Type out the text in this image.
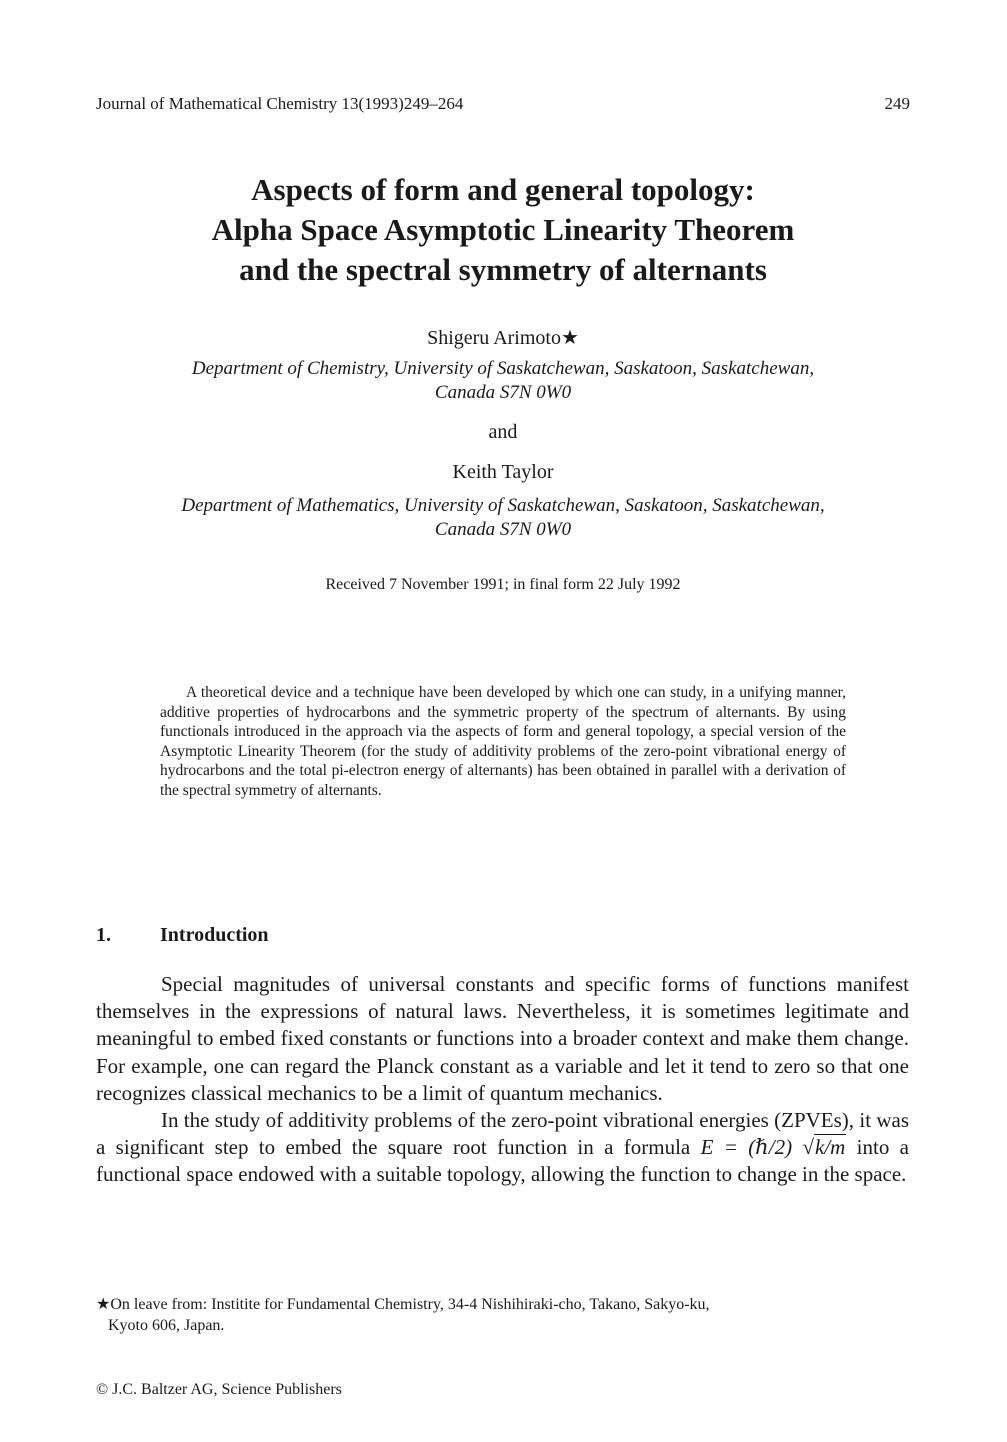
Journal of Mathematical Chemistry 13(1993)249–264	249
Aspects of form and general topology:
Alpha Space Asymptotic Linearity Theorem
and the spectral symmetry of alternants
Shigeru Arimoto★
Department of Chemistry, University of Saskatchewan, Saskatoon, Saskatchewan,
Canada S7N 0W0
and
Keith Taylor
Department of Mathematics, University of Saskatchewan, Saskatoon, Saskatchewan,
Canada S7N 0W0
Received 7 November 1991; in final form 22 July 1992
A theoretical device and a technique have been developed by which one can study, in a unifying manner, additive properties of hydrocarbons and the symmetric property of the spectrum of alternants. By using functionals introduced in the approach via the aspects of form and general topology, a special version of the Asymptotic Linearity Theorem (for the study of additivity problems of the zero-point vibrational energy of hydrocarbons and the total pi-electron energy of alternants) has been obtained in parallel with a derivation of the spectral symmetry of alternants.
1. Introduction

Special magnitudes of universal constants and specific forms of functions manifest themselves in the expressions of natural laws. Nevertheless, it is sometimes legitimate and meaningful to embed fixed constants or functions into a broader context and make them change. For example, one can regard the Planck constant as a variable and let it tend to zero so that one recognizes classical mechanics to be a limit of quantum mechanics.

In the study of additivity problems of the zero-point vibrational energies (ZPVEs), it was a significant step to embed the square root function in a formula E = (ℏ/2) √k/m into a functional space endowed with a suitable topology, allowing the function to change in the space.

★On leave from: Institite for Fundamental Chemistry, 34-4 Nishihiraki-cho, Takano, Sakyo-ku,
Kyoto 606, Japan.
© J.C. Baltzer AG, Science Publishers
